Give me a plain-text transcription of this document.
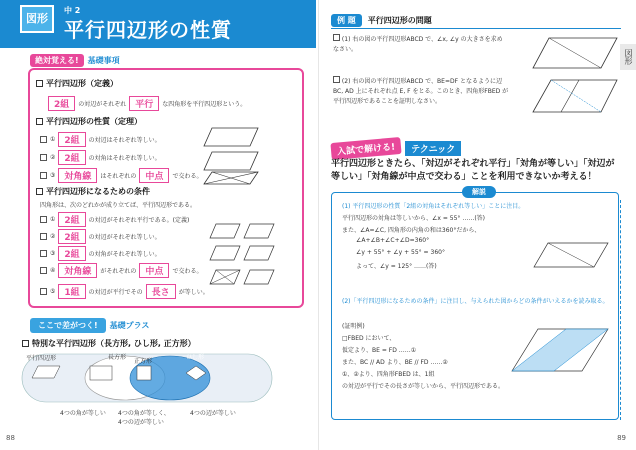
図形
中 2
平行四辺形の性質
絶対覚える!	基礎事項
平行四辺形（定義）
2組	の対辺がそれぞれ	平行	な四角形を平行四辺形という。
平行四辺形の性質（定理）
①	2組	の対辺はそれぞれ等しい。
②	2組	の対角はそれぞれ等しい。
③	対角線	はそれぞれの	中点	で交わる。
平行四辺形になるための条件
四角形は、次のどれかが成り立てば、平行四辺形である。
①	2組	の対辺がそれぞれ平行である。(定義)
②	2組	の対辺がそれぞれ等しい。
③	2組	の対角がそれぞれ等しい。
④	対角線	がそれぞれの	中点	で交わる。
⑤	1組	の対辺が平行でその	長さ	が等しい。
ここで差がつく!	基礎プラス
特別な平行四辺形（長方形, ひし形, 正方形）
平行四辺形	長方形
正方形
ひし形
4つの角が等しい 4つの角が等しく、
4つの辺が等しい
4つの辺が等しい
88
図形
例 題	平行四辺形の問題
(1) 右の図の平行四辺形ABCD で、∠x, ∠y の大きさを求めなさい。
(2) 右の図の平行四辺形ABCD で、BE=DF となるように辺 BC, AD 上にそれぞれ点 E, F をとる。このとき、四角形FBED が平行四辺形であることを証明しなさい。
入試で解ける!	テクニック
平行四辺形ときたら、「対辺がそれぞれ平行」「対角が等しい」「対辺が等しい」「対角線が中点で交わる」ことを利用できないか考える！
解説
(1) 平行四辺形の性質「2組の対角はそれぞれ等しい」ことに注目。
平行四辺形の対角は等しいから、∠x = 55° ……(答)
また、∠A=∠C, 四角形の内角の和は360°だから、
∠A+∠B+∠C+∠D=360°
∠y + 55° + ∠y + 55° = 360°
よって、∠y = 125° ……(答)
(2)「平行四辺形になるための条件」に注目し、与えられた図からどの条件がいえるかを読み取る。
(証明例)
□FBED において、
仮定より、BE = FD ……①
また、BC // AD より、BE // FD ……②
①、②より、四角形FBED は、1組
の対辺が平行でその長さが等しいから、平行四辺形である。
89
